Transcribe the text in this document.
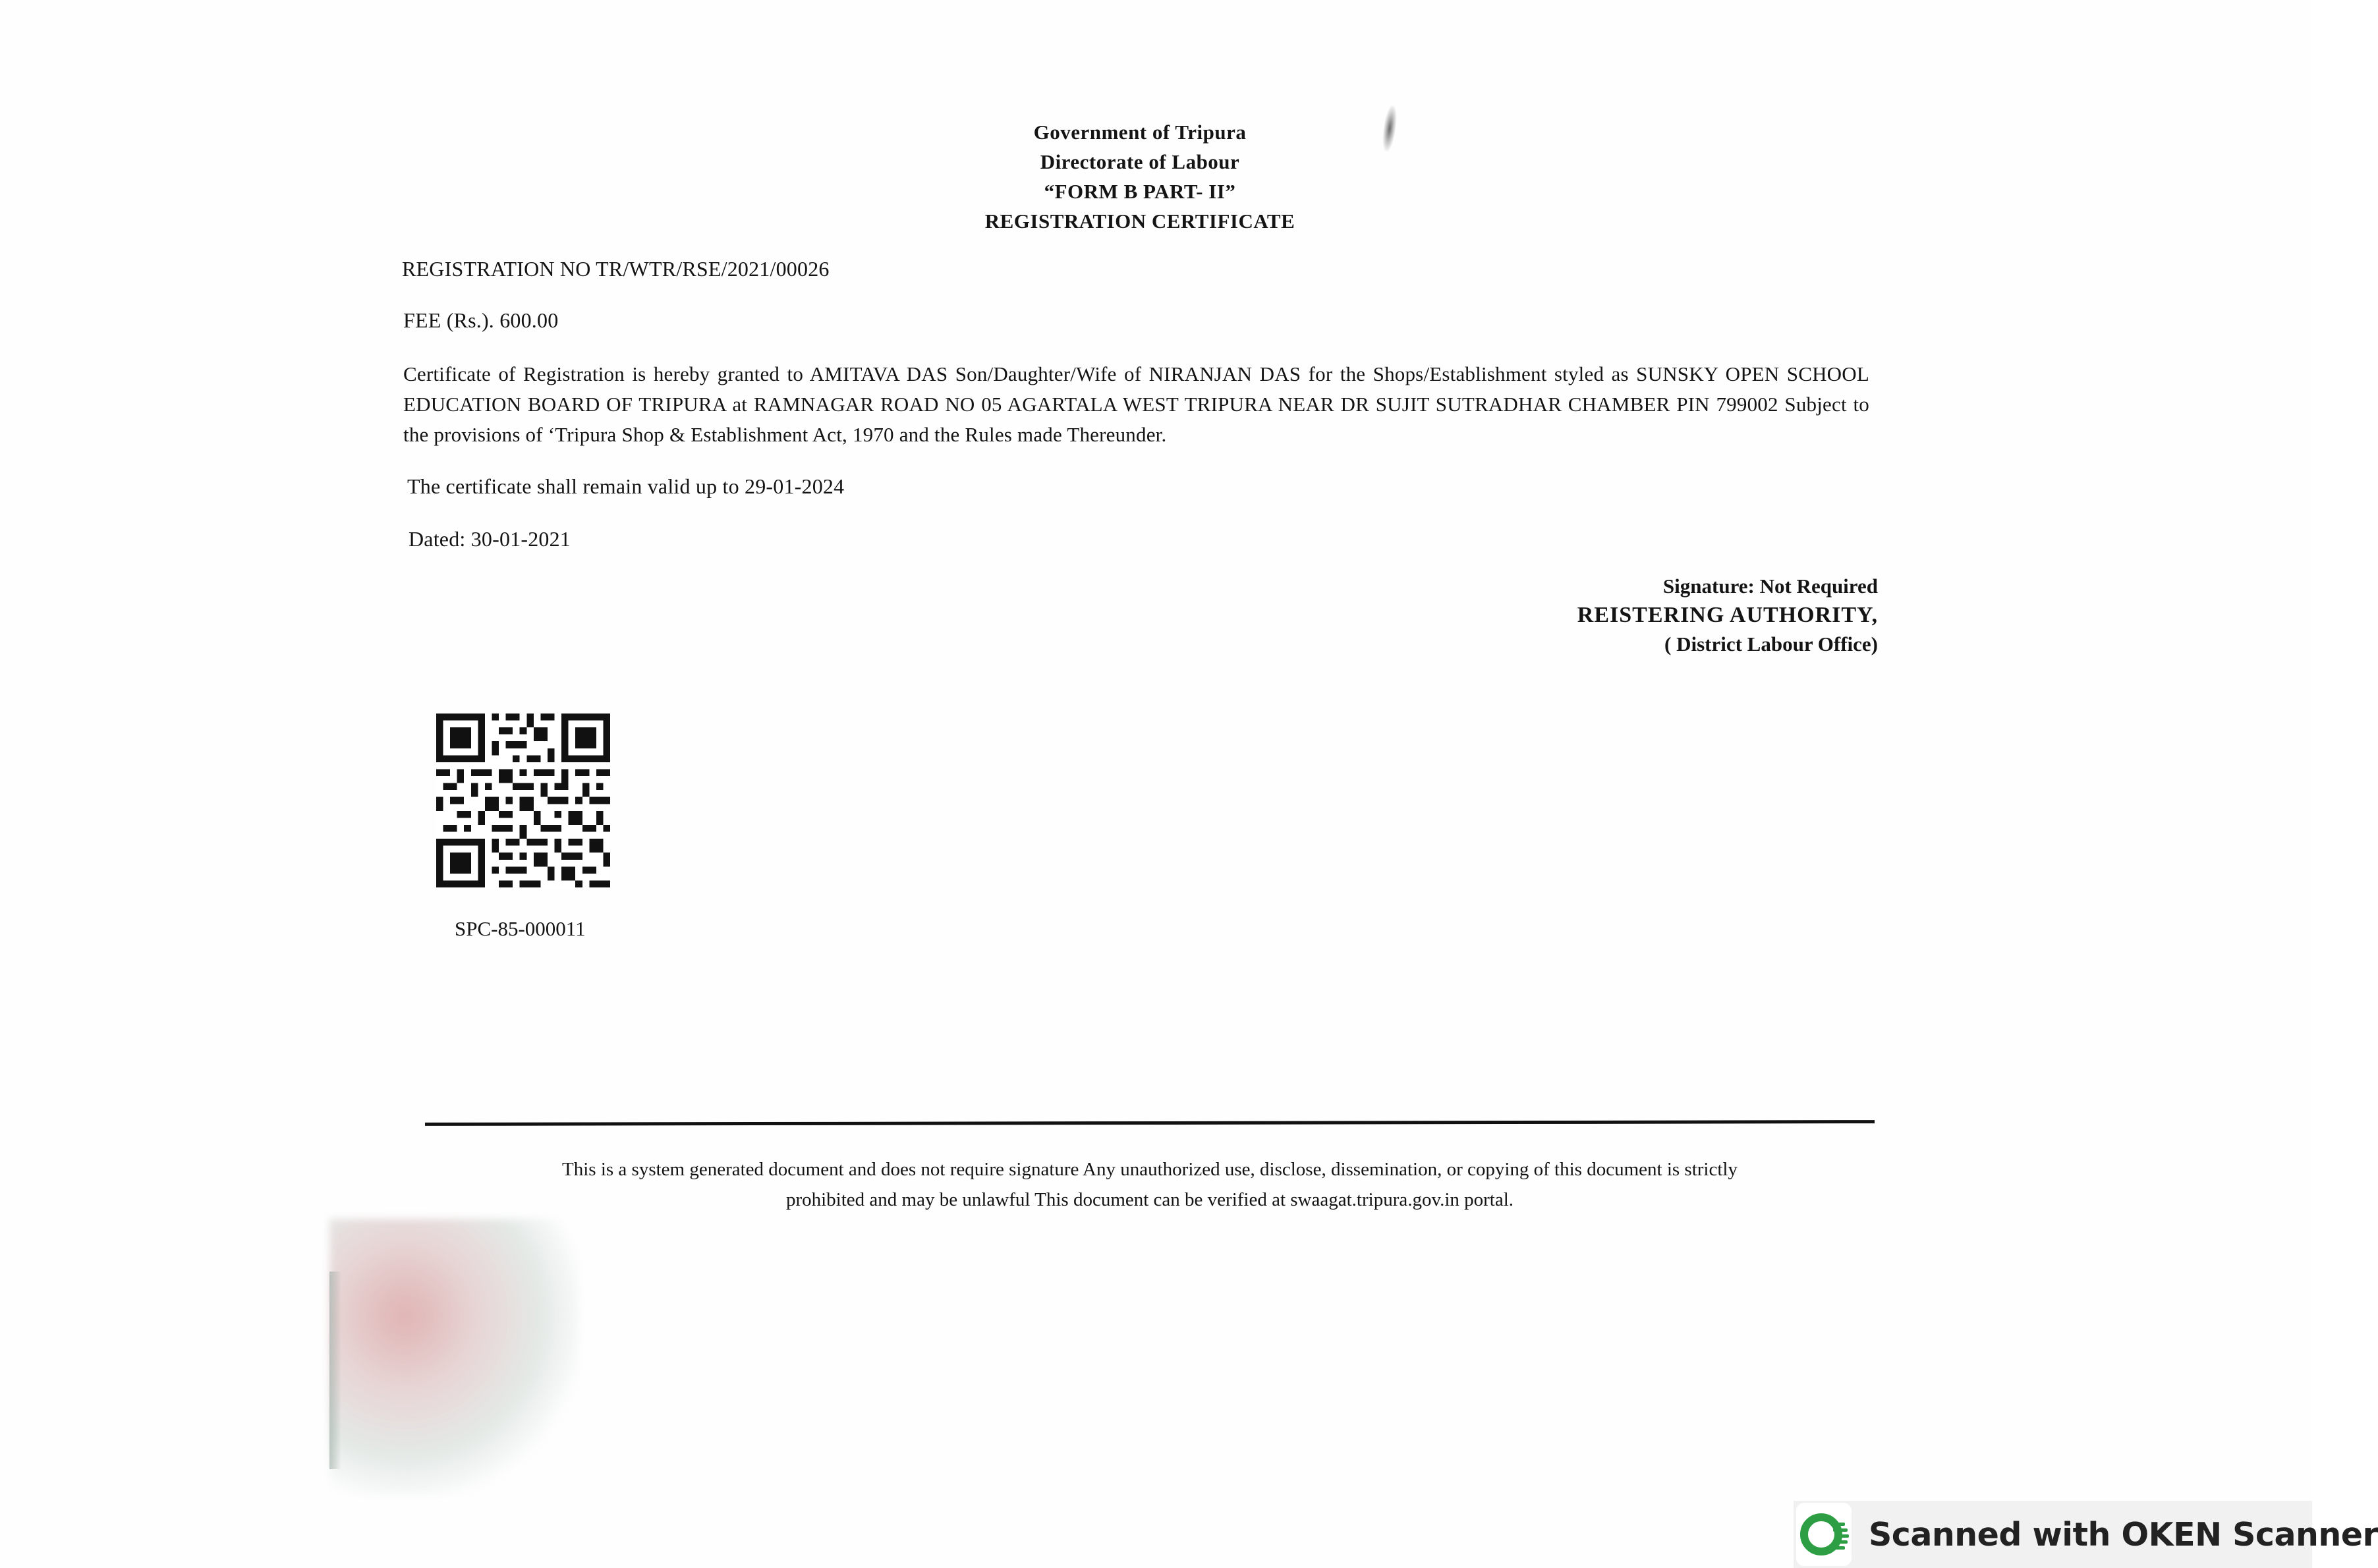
Government of Tripura
Directorate of Labour
“FORM B PART- II”
REGISTRATION CERTIFICATE
REGISTRATION NO TR/WTR/RSE/2021/00026
FEE (Rs.). 600.00
Certificate of Registration is hereby granted to AMITAVA DAS Son/Daughter/Wife of NIRANJAN DAS for the Shops/Establishment styled as SUNSKY OPEN SCHOOL EDUCATION BOARD OF TRIPURA at RAMNAGAR ROAD NO 05 AGARTALA WEST TRIPURA NEAR DR SUJIT SUTRADHAR CHAMBER PIN 799002 Subject to the provisions of ‘Tripura Shop & Establishment Act, 1970 and the Rules made Thereunder.
The certificate shall remain valid up to 29-01-2024
Dated: 30-01-2021
Signature: Not Required
REISTERING AUTHORITY,
( District Labour Office)
SPC-85-000011
This is a system generated document and does not require signature Any unauthorized use, disclose, dissemination, or copying of this document is strictly
prohibited and may be unlawful This document can be verified at swaagat.tripura.gov.in portal.
Scanned with OKEN Scanner
